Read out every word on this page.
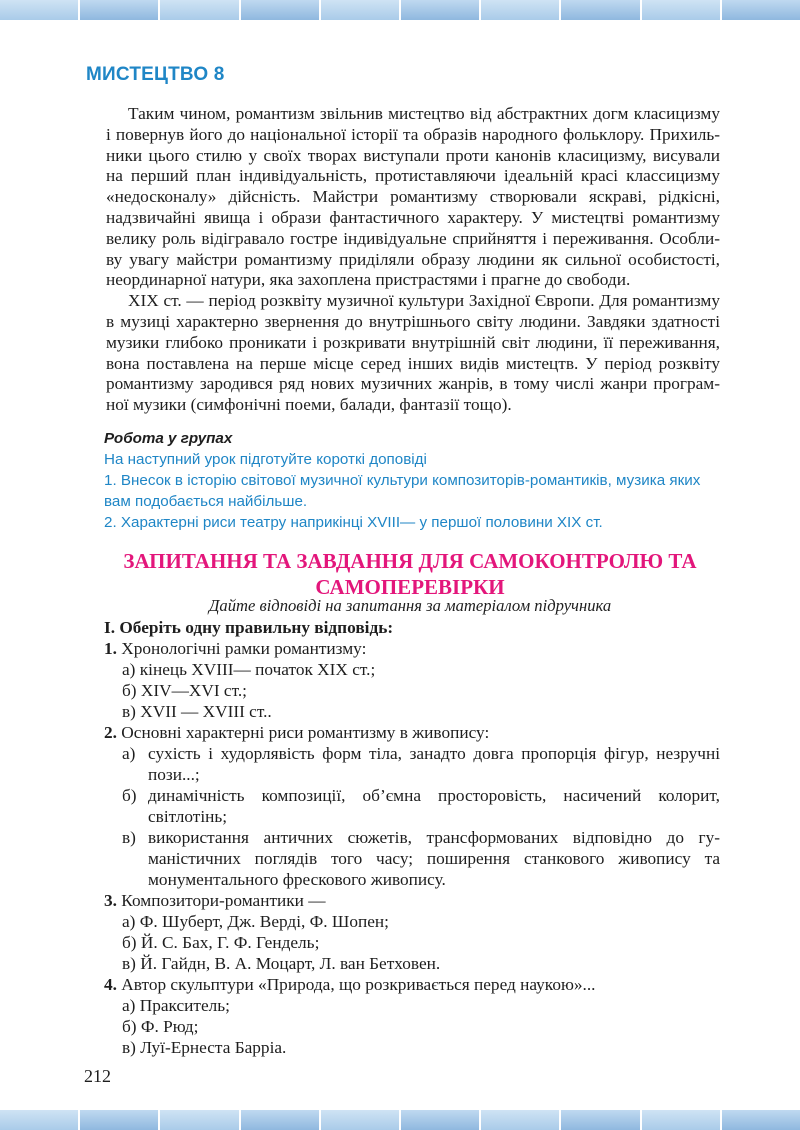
МИСТЕЦТВО 8
Таким чином, романтизм звільнив мистецтво від абстрактних догм класицизму
і повернув його до національної історії та образів народного фольклору. Прихиль-
ники цього стилю у своїх творах виступали проти канонів класицизму, висували
на перший план індивідуальність, протиставляючи ідеальній красі классицизму
«недосконалу» дійсність. Майстри романтизму створювали яскраві, рідкісні,
надзвичайні явища і образи фантастичного характеру. У мистецтві романтизму
велику роль відігравало гостре індивідуальне сприйняття і переживання. Особли-
ву увагу майстри романтизму приділяли образу людини як сильної особистості,
неординарної натури, яка захоплена пристрастями і прагне до свободи.
XIX ст. — період розквіту музичної культури Західної Європи. Для романтизму
в музиці характерно звернення до внутрішнього світу людини. Завдяки здатності
музики глибоко проникати і розкривати внутрішній світ людини, її переживання,
вона поставлена на перше місце серед інших видів мистецтв. У період розквіту
романтизму зародився ряд нових музичних жанрів, в тому числі жанри програм-
ної музики (симфонічні поеми, балади, фантазії тощо).
Робота у групах
На наступний урок підготуйте короткі доповіді
1. Внесок в історію світової музичної культури композиторів-романтиків, музика яких
вам подобається найбільше.
2. Характерні риси театру наприкінці XVIII— у першої половини XIX ст.
ЗАПИТАННЯ ТА ЗАВДАННЯ ДЛЯ САМОКОНТРОЛЮ ТА
САМОПЕРЕВІРКИ
Дайте відповіді на запитання за матеріалом підручника
I. Оберіть одну правильну відповідь:
1. Хронологічні рамки романтизму:
а) кінець XVIII— початок XIX ст.;
б) XIV—XVI ст.;
в) XVII — XVIII ст..
2. Основні характерні риси романтизму в живопису:
а) сухість і худорлявість форм тіла, занадто довга пропорція фігур, незручні
пози...;
б) динамічність композиції, об’ємна просторовість, насичений колорит,
світлотінь;
в) використання античних сюжетів, трансформованих відповідно до гу-
маністичних поглядів того часу; поширення станкового живопису та
монументального фрескового живопису.
3. Композитори-романтики —
а) Ф. Шуберт, Дж. Верді, Ф. Шопен;
б) Й. С. Бах, Г. Ф. Гендель;
в) Й. Гайдн, В. А. Моцарт, Л. ван Бетховен.
4. Автор скульптури «Природа, що розкривається перед наукою»...
а) Пракситель;
б) Ф. Рюд;
в) Луї-Ернеста Барріа.
212
